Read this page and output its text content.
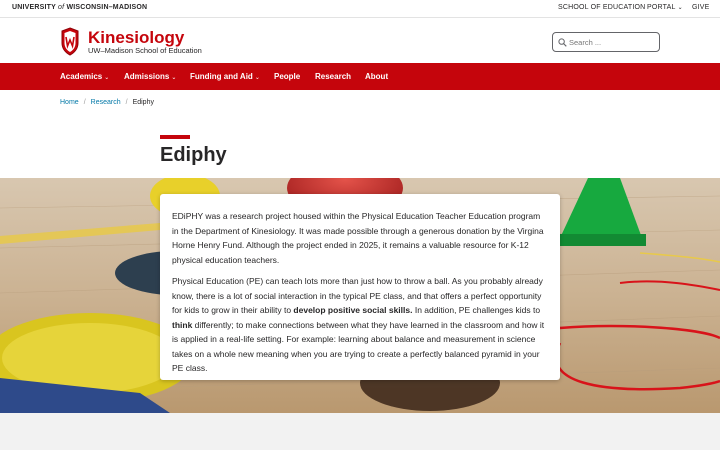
UNIVERSITY of WISCONSIN–MADISON	SCHOOL OF EDUCATION PORTAL ⌄ GIVE
Kinesiology
UW–Madison School of Education
Search ...
Academics ⌄ Admissions ⌄ Funding and Aid ⌄ People Research About
Home / Research / Ediphy
Ediphy

EDiPHY was a research project housed within the Physical Education Teacher Education program in the Department of Kinesiology. It was made possible through a generous donation by the Virgina Horne Henry Fund. Although the project ended in 2025, it remains a valuable resource for K-12 physical education teachers.

Physical Education (PE) can teach lots more than just how to throw a ball. As you probably already know, there is a lot of social interaction in the typical PE class, and that offers a perfect opportunity for kids to grow in their ability to develop positive social skills. In addition, PE challenges kids to think differently; to make connections between what they have learned in the classroom and how it is applied in a real-life setting. For example: learning about balance and measurement in science takes on a whole new meaning when you are trying to create a perfectly balanced pyramid in your PE class.
